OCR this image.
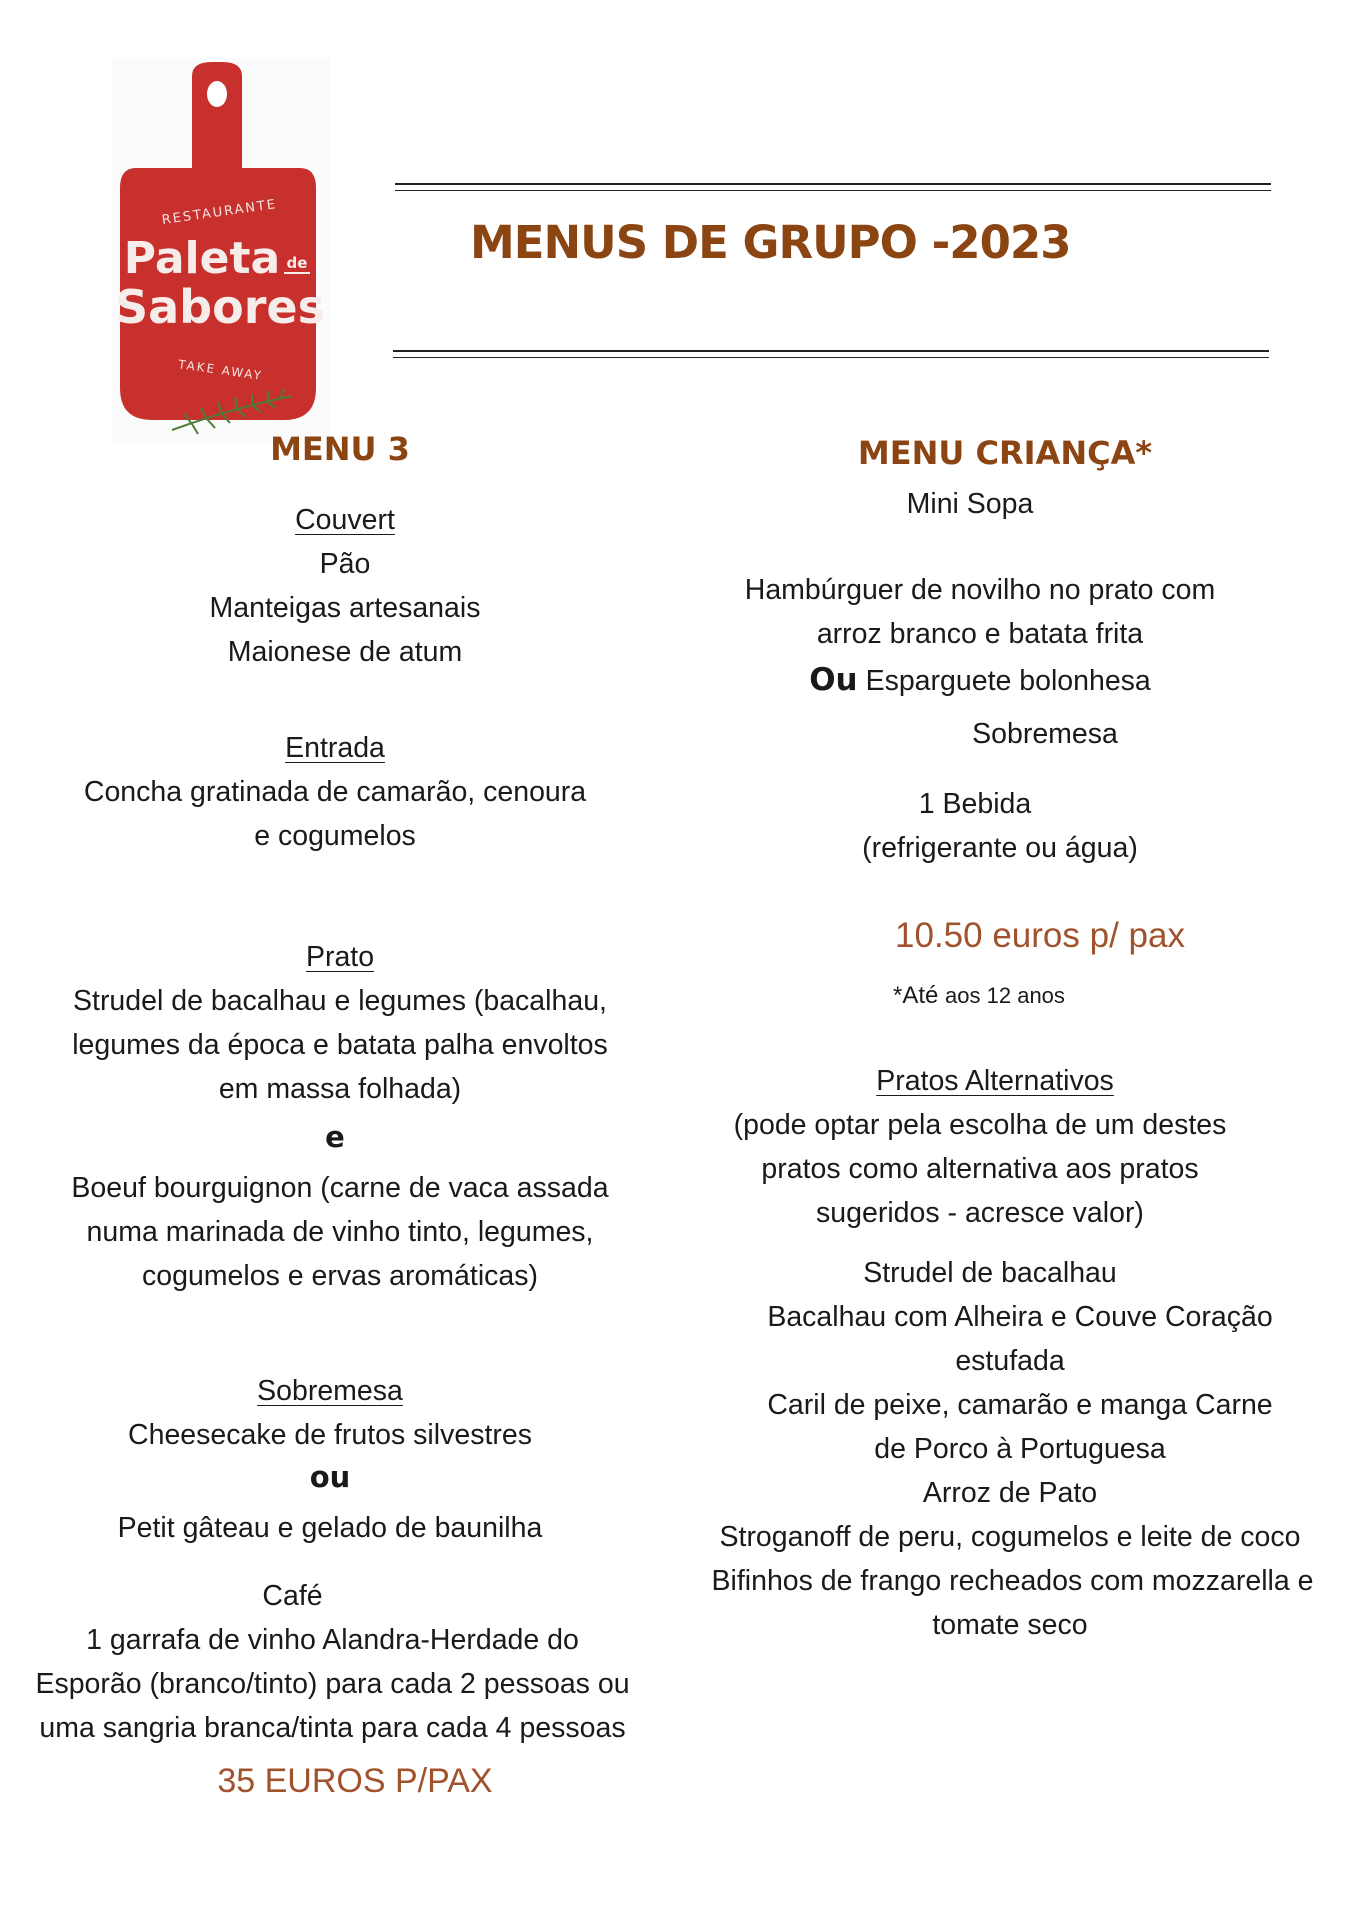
RESTAURANTE
Paleta de
Sabores
TAKE AWAY
MENUS DE GRUPO -2023
MENU 3
Couvert
Pão
Manteigas artesanais
Maionese de atum
Entrada
Concha gratinada de camarão, cenoura
e cogumelos
Prato
Strudel de bacalhau e legumes (bacalhau,
legumes da época e batata palha envoltos
em massa folhada)
e
Boeuf bourguignon (carne de vaca assada
numa marinada de vinho tinto, legumes,
cogumelos e ervas aromáticas)
Sobremesa
Cheesecake de frutos silvestres
ou
Petit gâteau e gelado de baunilha
Café
1 garrafa de vinho Alandra-Herdade do
Esporão (branco/tinto) para cada 2 pessoas ou
uma sangria branca/tinta para cada 4 pessoas
35 EUROS P/PAX
MENU CRIANÇA*
Mini Sopa
Hambúrguer de novilho no prato com
arroz branco e batata frita
Ou Esparguete bolonhesa
Sobremesa
1 Bebida
(refrigerante ou água)
10.50 euros p/ pax
*Até aos 12 anos
Pratos Alternativos
(pode optar pela escolha de um destes
pratos como alternativa aos pratos
sugeridos - acresce valor)
Strudel de bacalhau
Bacalhau com Alheira e Couve Coração
estufada
Caril de peixe, camarão e manga Carne
de Porco à Portuguesa
Arroz de Pato
Stroganoff de peru, cogumelos e leite de coco
Bifinhos de frango recheados com mozzarella e
tomate seco
